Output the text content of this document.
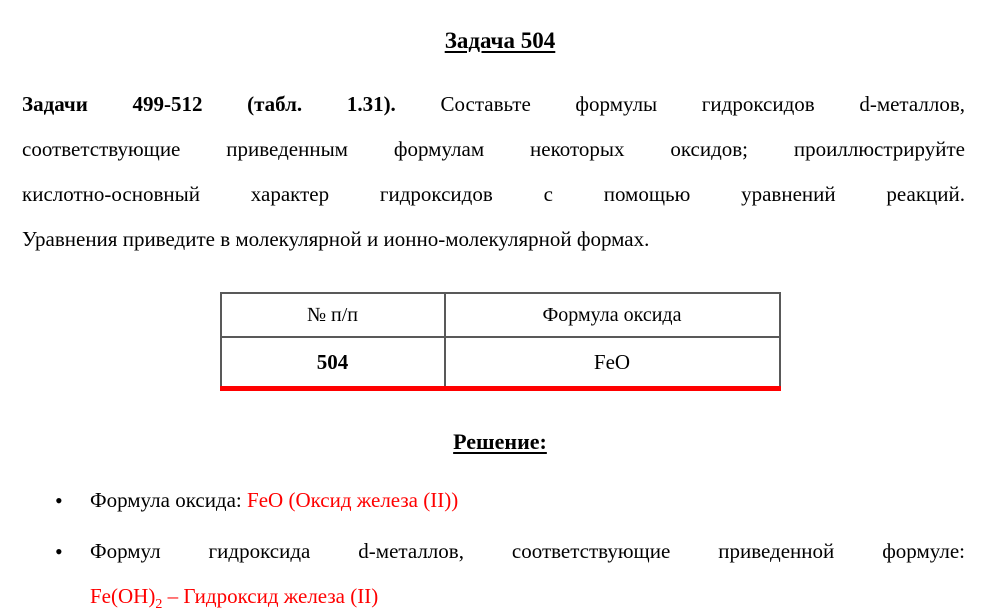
Задача 504
Задачи 499-512 (табл. 1.31). Составьте формулы гидроксидов d-металлов,
соответствующие приведенным формулам некоторых оксидов; проиллюстрируйте
кислотно-основный характер гидроксидов с помощью уравнений реакций.
Уравнения приведите в молекулярной и ионно-молекулярной формах.
№ п/п	Формула оксида
504	FeO
Решение:
•	Формула оксида: FeO (Оксид железа (II))
•	Формул гидроксида d-металлов, соответствующие приведенной формуле:
$Fe(OH)_2$ – Гидроксид железа (II)
